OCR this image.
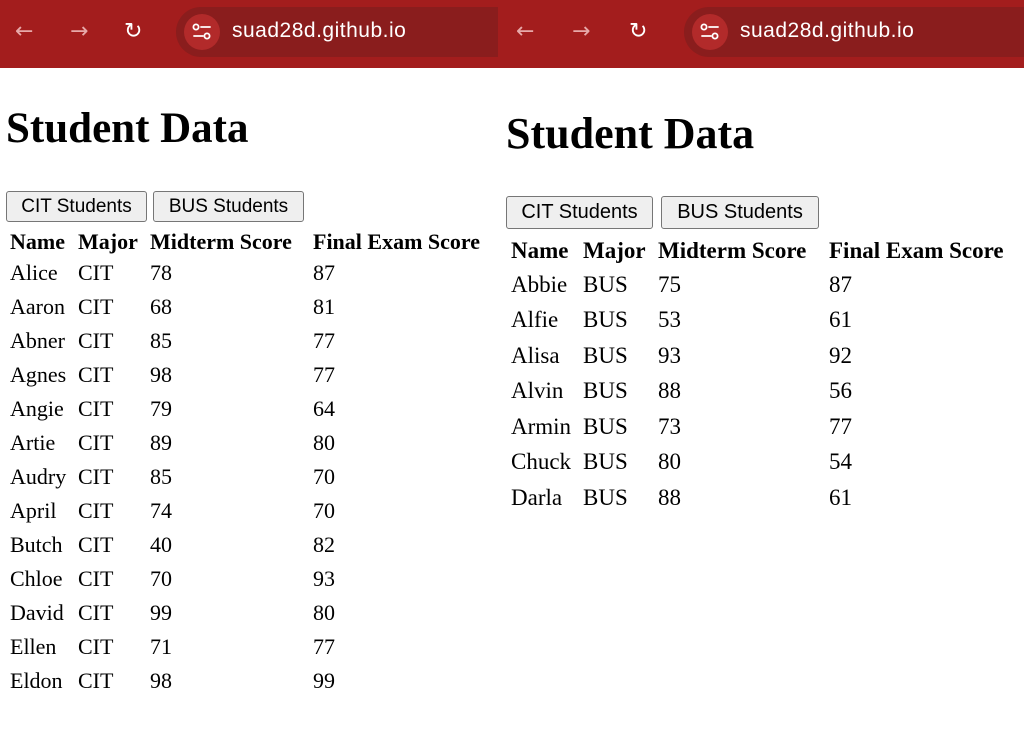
← → ↻	suad28d.github.io
Student Data
CIT Students	BUS Students
Name	Major	Midterm Score	Final Exam Score
Alice	CIT	78	87
Aaron	CIT	68	81
Abner	CIT	85	77
Agnes	CIT	98	77
Angie	CIT	79	64
Artie	CIT	89	80
Audry	CIT	85	70
April	CIT	74	70
Butch	CIT	40	82
Chloe	CIT	70	93
David	CIT	99	80
Ellen	CIT	71	77
Eldon	CIT	98	99
← → ↻	suad28d.github.io
Student Data
CIT Students	BUS Students
Name	Major	Midterm Score	Final Exam Score
Abbie	BUS	75	87
Alfie	BUS	53	61
Alisa	BUS	93	92
Alvin	BUS	88	56
Armin	BUS	73	77
Chuck	BUS	80	54
Darla	BUS	88	61
